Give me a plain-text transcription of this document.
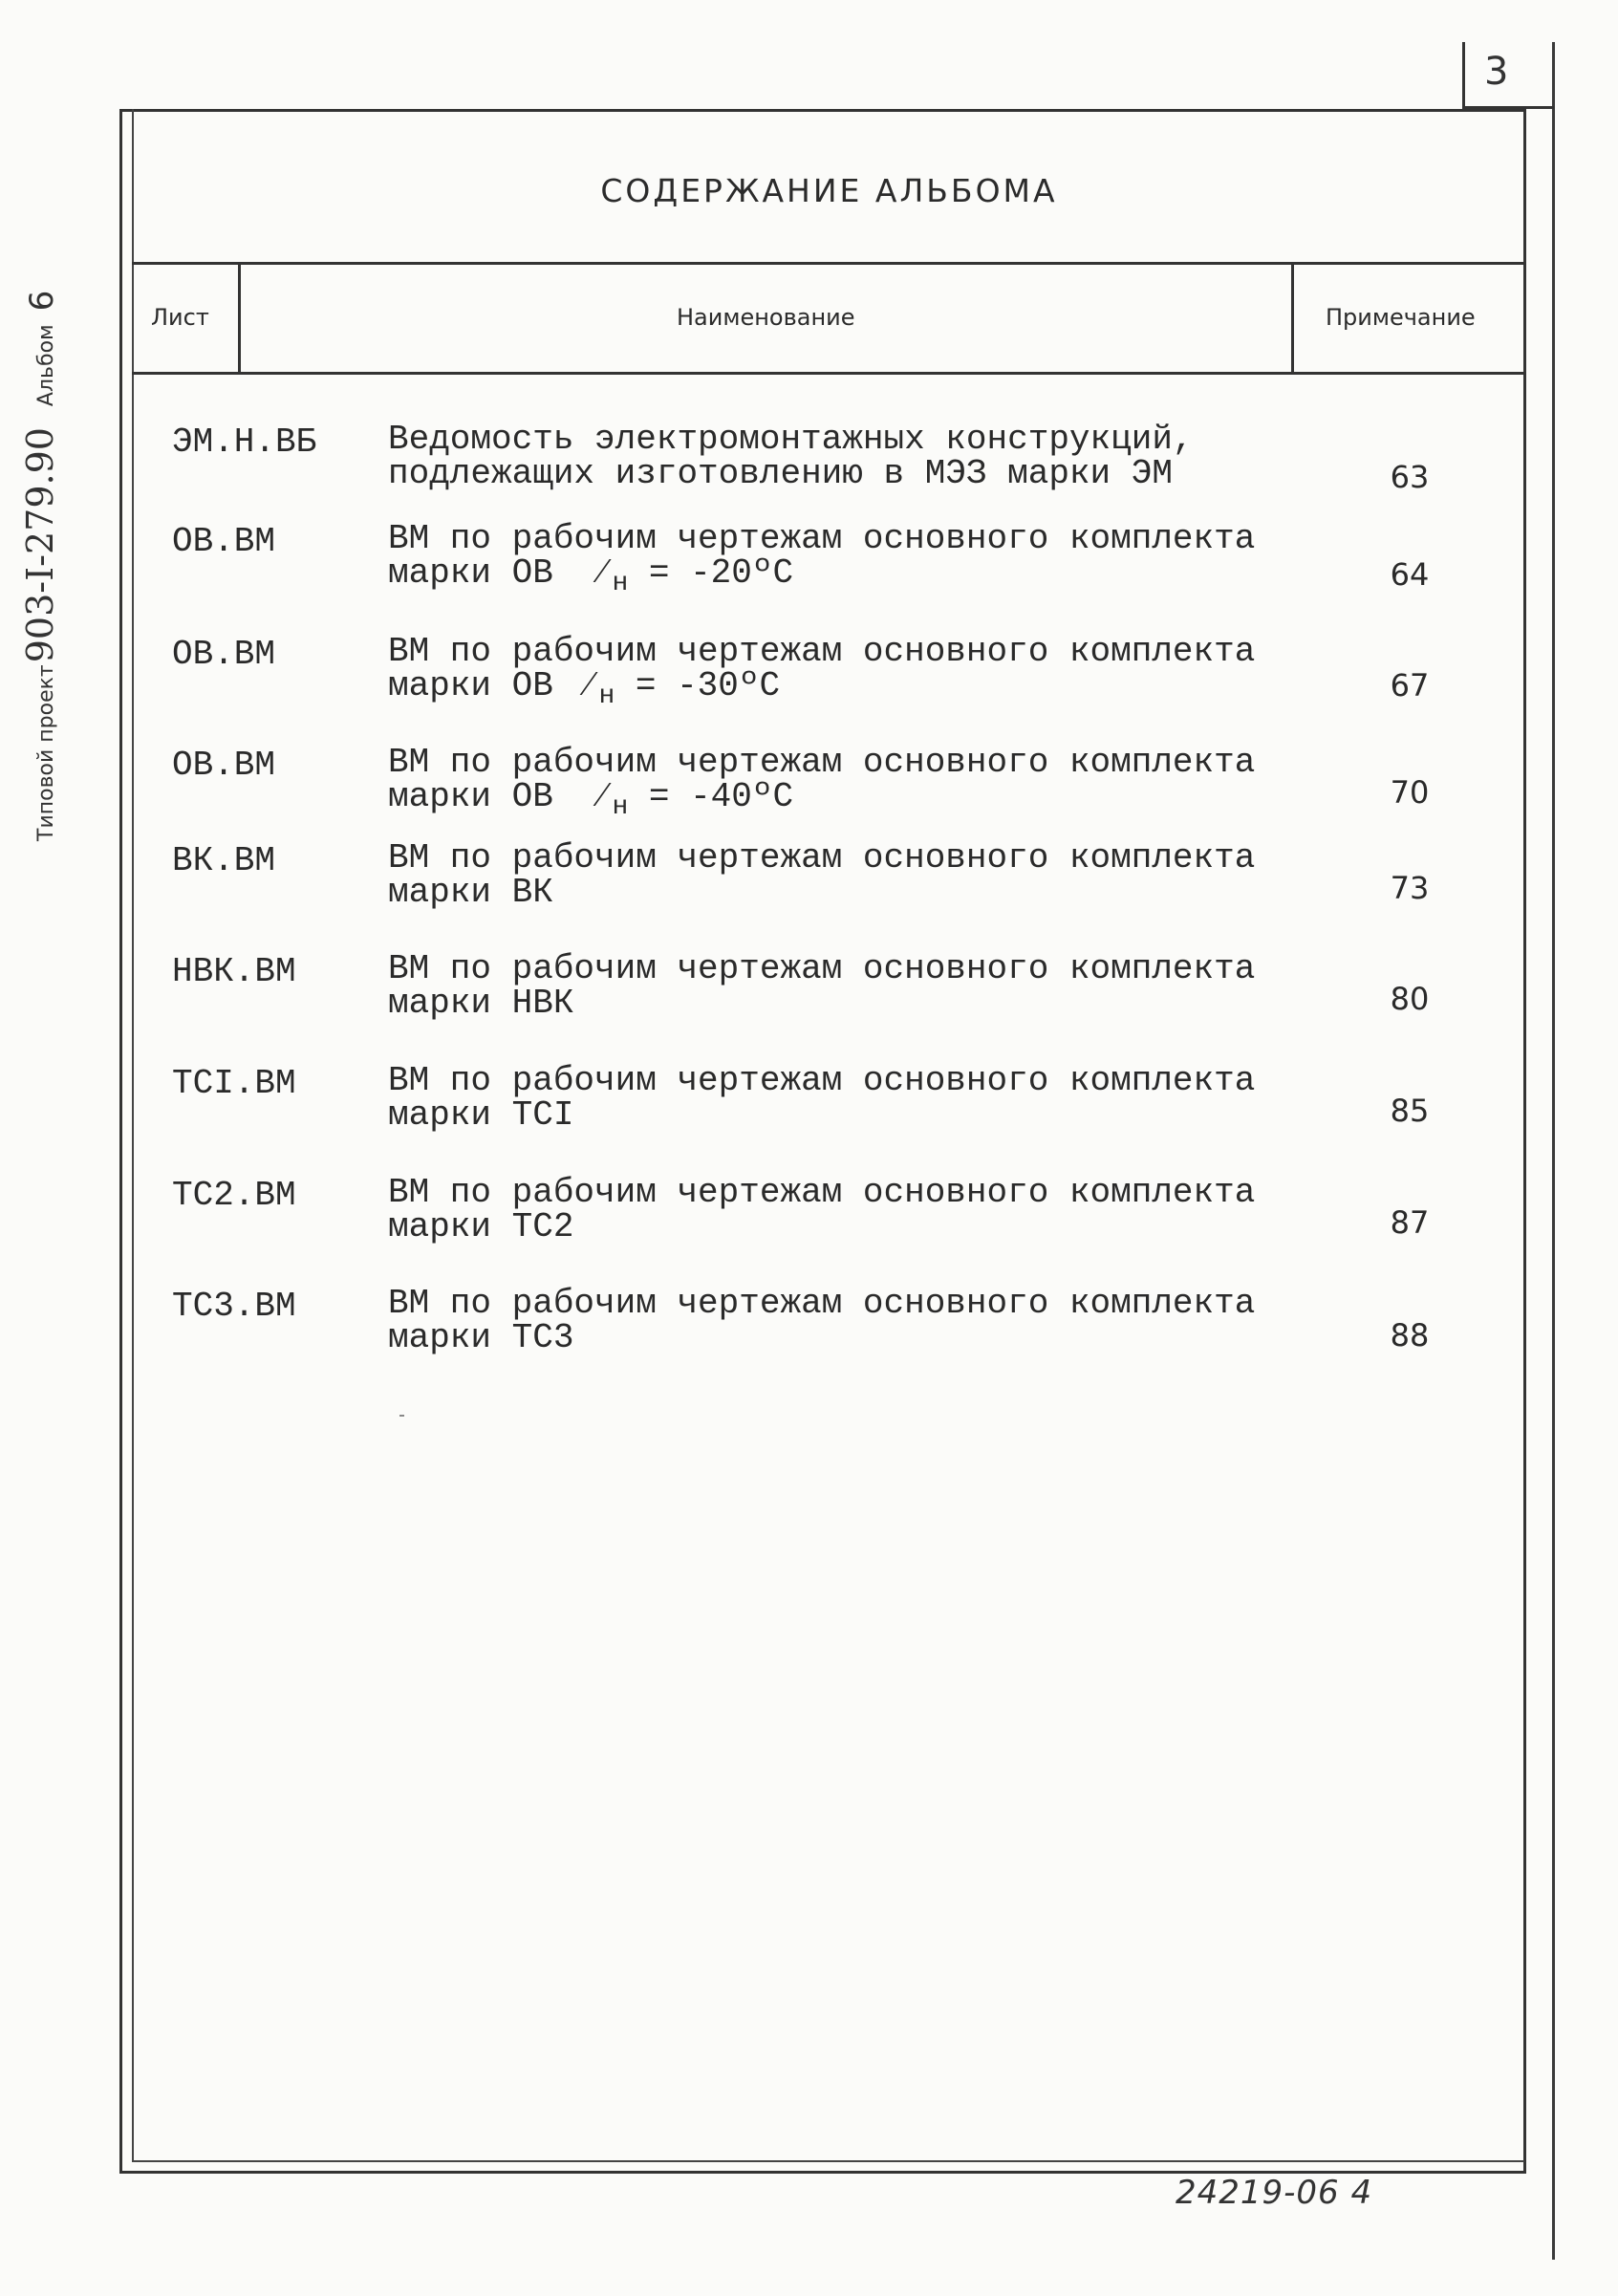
3
Типовой проект903-I-279.90Альбом6
СОДЕРЖАНИЕ АЛЬБОМА
Лист	Наименование	Примечание
ЭМ.Н.ВБ Ведомость электромонтажных конструкций,
подлежащих изготовлению в МЭЗ марки ЭМ	63
ОВ.ВМ	ВМ по рабочим чертежам основного комплекта
марки ОВ $⁄_н$ = -20ºС	64
ОВ.ВМ	ВМ по рабочим чертежам основного комплекта
марки ОВ $⁄_н$ = -30ºС	67
ОВ.ВМ	ВМ по рабочим чертежам основного комплекта
марки ОВ $⁄_н$ = -40ºС	70
ВК.ВМ	ВМ по рабочим чертежам основного комплекта
марки ВК	73
НВК.ВМ	ВМ по рабочим чертежам основного комплекта
марки НВК	80
ТСI.ВМ	ВМ по рабочим чертежам основного комплекта
марки ТСI	85
ТС2.ВМ	ВМ по рабочим чертежам основного комплекта
марки ТС2	87
ТС3.ВМ	ВМ по рабочим чертежам основного комплекта
марки ТС3	88
24219-06 4
